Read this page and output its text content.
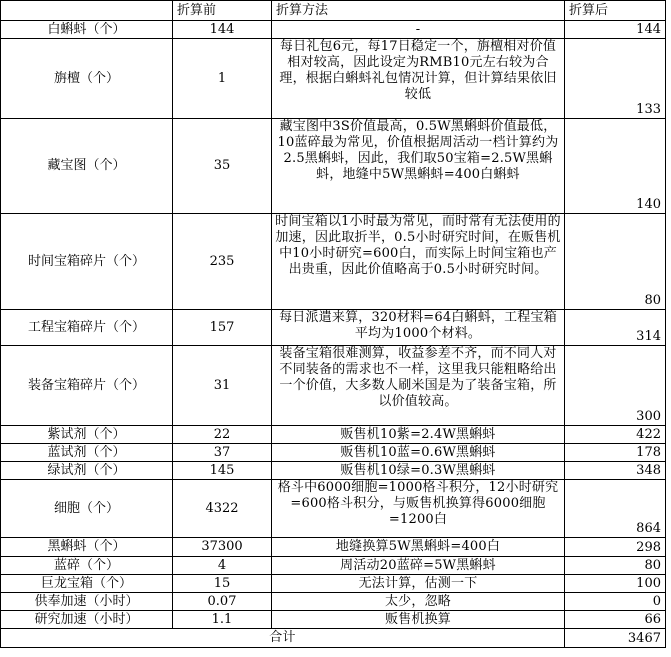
	折算前	折算方法	折算后
白蝌蚪（个）	144	-	144
旃檀（个）	1	每日礼包6元，每17日稳定一个，旃檀相对价值相对较高，因此设定为RMB10元左右较为合理，根据白蝌蚪礼包情况计算，但计算结果依旧较低	133
藏宝图（个）	35	藏宝图中3S价值最高，0.5W黑蝌蚪价值最低，10蓝碎最为常见，价值根据周活动一档计算约为2.5黑蝌蚪，因此，我们取50宝箱=2.5W黑蝌蚪，地缝中5W黑蝌蚪=400白蝌蚪	140
时间宝箱碎片（个）	235	时间宝箱以1小时最为常见，而时常有无法使用的加速，因此取折半，0.5小时研究时间，在贩售机中10小时研究=600白，而实际上时间宝箱也产出贵重，因此价值略高于0.5小时研究时间。	80
工程宝箱碎片（个）	157	每日派遣来算，320材料=64白蝌蚪，工程宝箱平均为1000个材料。	314
装备宝箱碎片（个）	31	装备宝箱很难测算，收益参差不齐，而不同人对不同装备的需求也不一样，这里我只能粗略给出一个价值，大多数人刷米国是为了装备宝箱，所以价值较高。	300
紫试剂（个）	22	贩售机10紫=2.4W黑蝌蚪	422
蓝试剂（个）	37	贩售机10蓝=0.6W黑蝌蚪	178
绿试剂（个）	145	贩售机10绿=0.3W黑蝌蚪	348
细胞（个）	4322	格斗中6000细胞=1000格斗积分，12小时研究=600格斗积分，与贩售机换算得6000细胞=1200白	864
黑蝌蚪（个）	37300	地缝换算5W黑蝌蚪=400白	298
蓝碎（个）	4	周活动20蓝碎=5W黑蝌蚪	80
巨龙宝箱（个）	15	无法计算，估测一下	100
供奉加速（小时）	0.07	太少，忽略	0
研究加速（小时）	1.1	贩售机换算	66
合计			3467
